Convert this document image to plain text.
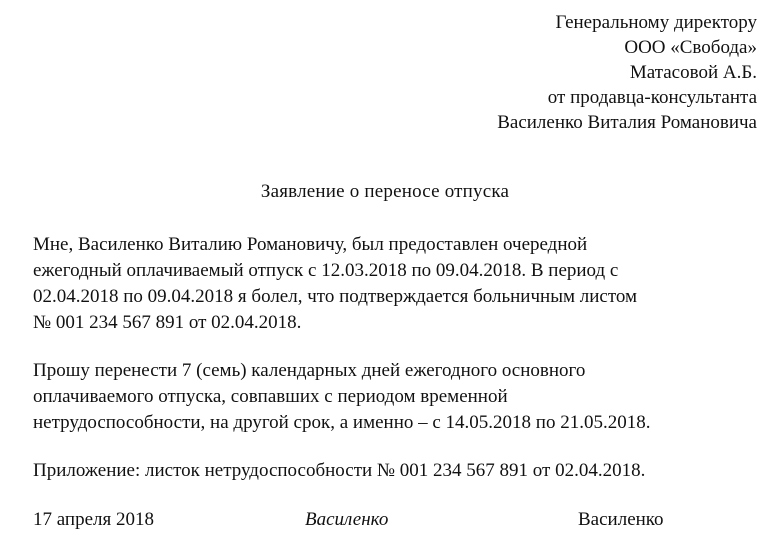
Генеральному директору
ООО «Свобода»
Матасовой А.Б.
от продавца-консультанта
Василенко Виталия Романовича
Заявление о переносе отпуска
Мне, Василенко Виталию Романовичу, был предоставлен очередной
ежегодный оплачиваемый отпуск с 12.03.2018 по 09.04.2018. В период с
02.04.2018 по 09.04.2018 я болел, что подтверждается больничным листом
№ 001 234 567 891 от 02.04.2018.
Прошу перенести 7 (семь) календарных дней ежегодного основного
оплачиваемого отпуска, совпавших с периодом временной
нетрудоспособности, на другой срок, а именно – с 14.05.2018 по 21.05.2018.
Приложение: листок нетрудоспособности № 001 234 567 891 от 02.04.2018.
17 апреля 2018	Василенко	Василенко
